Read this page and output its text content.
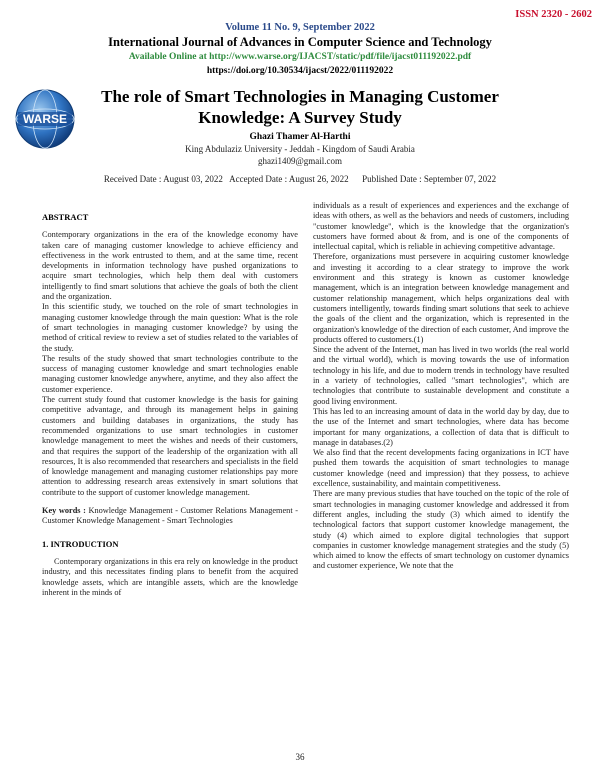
ISSN 2320 - 2602
Volume 11 No. 9, September 2022
International Journal of Advances in Computer Science and Technology
Available Online at http://www.warse.org/IJACST/static/pdf/file/ijacst011192022.pdf
https://doi.org/10.30534/ijacst/2022/011192022
WARSE
The role of Smart Technologies in Managing Customer Knowledge: A Survey Study
Ghazi Thamer Al-Harthi
King Abdulaziz University - Jeddah - Kingdom of Saudi Arabia
ghazi1409@gmail.com
Received Date : August 03, 2022   Accepted Date : August 26, 2022      Published Date : September 07, 2022

ABSTRACT

Contemporary organizations in the era of the knowledge economy have taken care of managing customer knowledge to achieve efficiency and effectiveness in the work entrusted to them, and at the same time, recent developments in information technology have pushed organizations to acquire smart technologies, which help them deal with customers intelligently to find smart solutions that achieve the goals of both the client and the organization.

In this scientific study, we touched on the role of smart technologies in managing customer knowledge through the main question: What is the role of smart technologies in managing customer knowledge? by using the method of critical review to review a set of studies related to the variables of the study.

The results of the study showed that smart technologies contribute to the success of managing customer knowledge and smart technologies enable managing customer knowledge anywhere, anytime, and they also affect the customer experience.

The current study found that customer knowledge is the basis for gaining competitive advantage, and through its management helps in gaining customers and building databases in organizations, the study has recommended organizations to use smart technologies in customer knowledge management to meet the wishes and needs of their customers, and that requires the support of the leadership of the organization with all resources, It is also recommended that researchers and specialists in the field of knowledge management and managing customer relationships pay more attention to addressing research areas extensively in smart solutions that contribute to the support of customer knowledge management.

Key words : Knowledge Management - Customer Relations Management - Customer Knowledge Management - Smart Technologies

1. INTRODUCTION

Contemporary organizations in this era rely on knowledge in the product industry, and this necessitates finding plans to benefit from the acquired knowledge assets, which are intangible assets, which are the knowledge inherent in the minds of

individuals as a result of experiences and experiences and the exchange of ideas with others, as well as the behaviors and needs of customers, including "customer knowledge", which is the knowledge that the organization's customers have formed about & from, and is one of the components of intellectual capital, which is reliable in achieving competitive advantage.

Therefore, organizations must persevere in acquiring customer knowledge and investing it according to a clear strategy to improve the work environment and this strategy is known as customer knowledge management, which is an integration between knowledge management and customer relationship management, which helps organizations deal with customers intelligently, towards finding smart solutions that seek to achieve the goals of the client and the organization, which is represented in the organization's knowledge of the direction of each customer, And improve the products offered to customers.(1)

Since the advent of the Internet, man has lived in two worlds (the real world and the virtual world), which is moving towards the use of information technology in his life, and due to modern trends in technology have resulted in a variety of technologies, called "smart technologies", which are technologies that contribute to sustainable development and constitute a good living environment.

This has led to an increasing amount of data in the world day by day, due to the use of the Internet and smart technologies, where data has become important for many organizations, a collection of data that is difficult to manage in databases.(2)

We also find that the recent developments facing organizations in ICT have pushed them towards the acquisition of smart technologies to manage customer knowledge (need and impression) that they possess, to achieve excellence, sustainability, and maintain competitiveness.

There are many previous studies that have touched on the topic of the role of smart technologies in managing customer knowledge and addressed it from different angles, including the study (3) which aimed to identify the technological factors that support customer knowledge management, the study (4) which aimed to explore digital technologies that support companies in customer knowledge management strategies and the study (5) which aimed to know the effects of smart technology on customer dynamics and customer experience, We note that the

36
